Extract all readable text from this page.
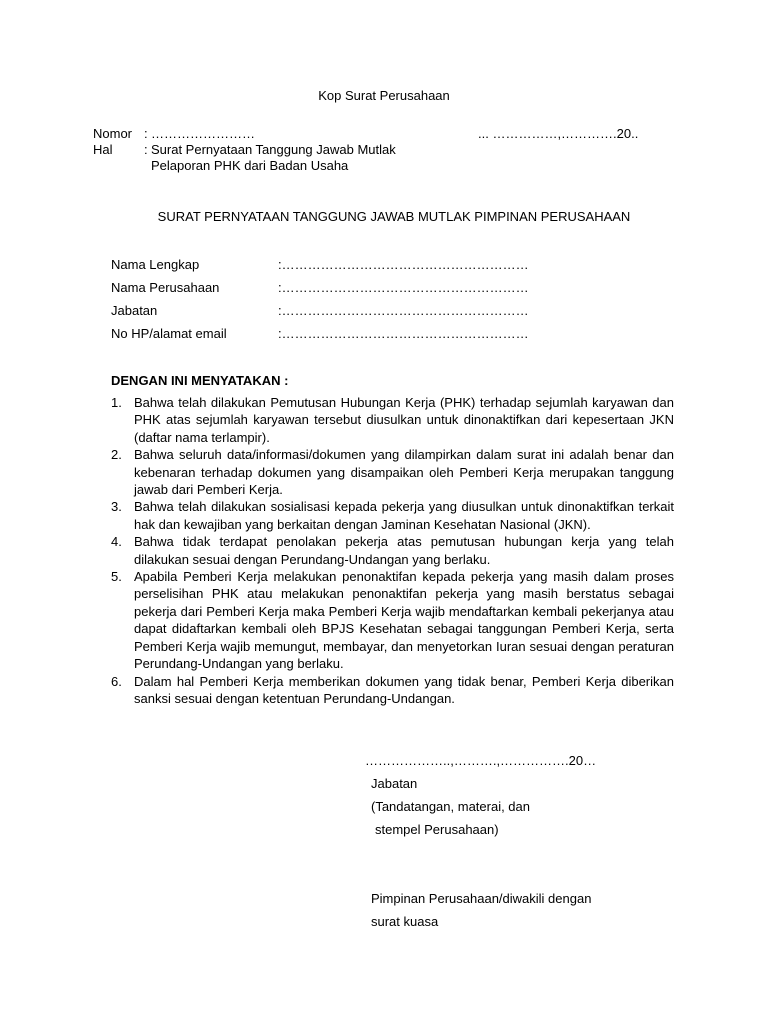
Kop Surat Perusahaan
Nomor : ……………………	... ……………,………….20..
Hal : Surat Pernyataan Tanggung Jawab Mutlak
Pelaporan PHK dari Badan Usaha
SURAT PERNYATAAN TANGGUNG JAWAB MUTLAK PIMPINAN PERUSAHAAN
Nama Lengkap	:…………………………………………………
Nama Perusahaan	:…………………………………………………
Jabatan	:…………………………………………………
No HP/alamat email	:…………………………………………………
DENGAN INI MENYATAKAN :
1. Bahwa telah dilakukan Pemutusan Hubungan Kerja (PHK) terhadap sejumlah karyawan dan PHK atas sejumlah karyawan tersebut diusulkan untuk dinonaktifkan dari kepesertaan JKN (daftar nama terlampir).
2. Bahwa seluruh data/informasi/dokumen yang dilampirkan dalam surat ini adalah benar dan kebenaran terhadap dokumen yang disampaikan oleh Pemberi Kerja merupakan tanggung jawab dari Pemberi Kerja.
3. Bahwa telah dilakukan sosialisasi kepada pekerja yang diusulkan untuk dinonaktifkan terkait hak dan kewajiban yang berkaitan dengan Jaminan Kesehatan Nasional (JKN).
4. Bahwa tidak terdapat penolakan pekerja atas pemutusan hubungan kerja yang telah dilakukan sesuai dengan Perundang-Undangan yang berlaku.
5. Apabila Pemberi Kerja melakukan penonaktifan kepada pekerja yang masih dalam proses perselisihan PHK atau melakukan penonaktifan pekerja yang masih berstatus sebagai pekerja dari Pemberi Kerja maka Pemberi Kerja wajib mendaftarkan kembali pekerjanya atau dapat didaftarkan kembali oleh BPJS Kesehatan sebagai tanggungan Pemberi Kerja, serta Pemberi Kerja wajib memungut, membayar, dan menyetorkan Iuran sesuai dengan peraturan Perundang-Undangan yang berlaku.
6. Dalam hal Pemberi Kerja memberikan dokumen yang tidak benar, Pemberi Kerja diberikan sanksi sesuai dengan ketentuan Perundang-Undangan.
………………..,……….,…………….20…
Jabatan
(Tandatangan, materai, dan
stempel Perusahaan)
Pimpinan Perusahaan/diwakili dengan
surat kuasa
